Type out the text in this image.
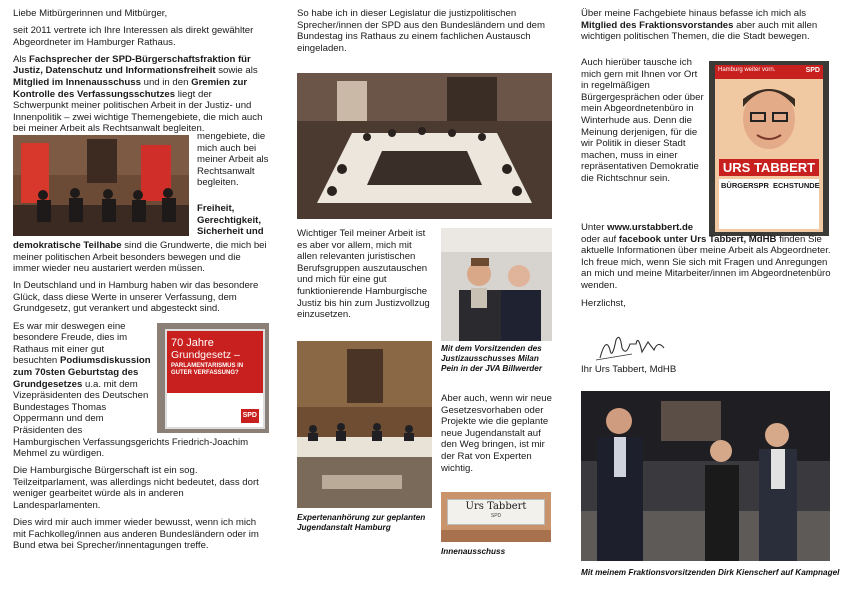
Liebe Mitbürgerinnen und Mitbürger,

seit 2011 vertrete ich Ihre Interessen als direkt gewählter Abgeordneter im Hamburger Rathaus.

Als Fachsprecher der SPD-Bürgerschaftsfraktion für Justiz, Datenschutz und Informationsfreiheit sowie als Mitglied im Innenausschuss und in den Gremien zur Kontrolle des Verfassungsschutzes liegt der Schwerpunkt meiner politischen Arbeit in der Justiz- und Innenpolitik – zwei wichtige Themengebiete, die mich auch bei meiner Arbeit als Rechtsanwalt begleiten.

mengebiete, die mich auch bei meiner Arbeit als Rechtsanwalt begleiten.

Freiheit, Gerechtigkeit, Sicherheit und

demokratische Teilhabe sind die Grundwerte, die mich bei meiner politischen Arbeit besonders bewegen und die immer wieder neu austariert werden müssen.

In Deutschland und in Hamburg haben wir das besondere Glück, dass diese Werte in unserer Verfassung, dem Grundgesetz, gut verankert und abgesteckt sind.

70 Jahre
Grundgesetz –
PARLAMENTARISMUS IN GUTER VERFASSUNG?
SPD

Es war mir deswegen eine besondere Freude, dies im Rathaus mit einer gut besuchten Podiumsdiskussion zum 70sten Geburtstag des Grundgesetzes u.a. mit dem Vizepräsidenten des Deutschen Bundestages Thomas Oppermann und dem Präsidenten des Hamburgischen Verfassungsgerichts Friedrich-Joachim Mehmel zu würdigen.

Die Hamburgische Bürgerschaft ist ein sog. Teilzeitparlament, was allerdings nicht bedeutet, dass dort weniger gearbeitet würde als in anderen Landesparlamenten.

Dies wird mir auch immer wieder bewusst, wenn ich mich mit Fachkolleg/innen aus anderen Bundesländern oder im Bund etwa bei Sprecher/innentagungen treffe.

So habe ich in dieser Legislatur die justizpolitischen Sprecher/innen der SPD aus den Bundesländern und dem Bundestag ins Rathaus zu einem fachlichen Austausch eingeladen.

Wichtiger Teil meiner Arbeit ist es aber vor allem, mich mit allen relevanten juristischen Berufsgruppen auszutauschen und mich für eine gut funktionierende Hamburgische Justiz bis hin zum Justizvollzug einzusetzen.

Mit dem Vorsitzenden des Justizausschusses Milan Pein in der JVA Billwerder
Expertenanhörung zur geplanten Jugendanstalt Hamburg

Aber auch, wenn wir neue Gesetzesvorhaben oder Projekte wie die geplante neue Jugendanstalt auf den Weg bringen, ist mir der Rat von Experten wichtig.

Urs Tabbert
SPD
Innenausschuss

Über meine Fachgebiete hinaus befasse ich mich als Mitglied des Fraktionsvorstandes aber auch mit allen wichtigen politischen Themen, die die Stadt bewegen.

Auch hierüber tausche ich mich gern mit Ihnen vor Ort in regelmäßigen Bürgergesprächen oder über mein Abgeordnetenbüro in Winterhude aus. Denn die Meinung derjenigen, für die wir Politik in dieser Stadt machen, muss in einer repräsentativen Demokratie die Richtschnur sein.

Hamburg weiter vorn.	SPD
URS TABBERT
BÜRGERSPR ECHSTUNDE

Unter www.urstabbert.de
oder auf facebook unter Urs Tabbert, MdHB finden Sie aktuelle Informationen über meine Arbeit als Abgeordneter. Ich freue mich, wenn Sie sich mit Fragen und Anregungen an mich und meine Mitarbeiter/innen im Abgeordnetenbüro wenden.

Herzlichst,

Ihr Urs Tabbert, MdHB
Mit meinem Fraktionsvorsitzenden Dirk Kienscherf auf Kampnagel
